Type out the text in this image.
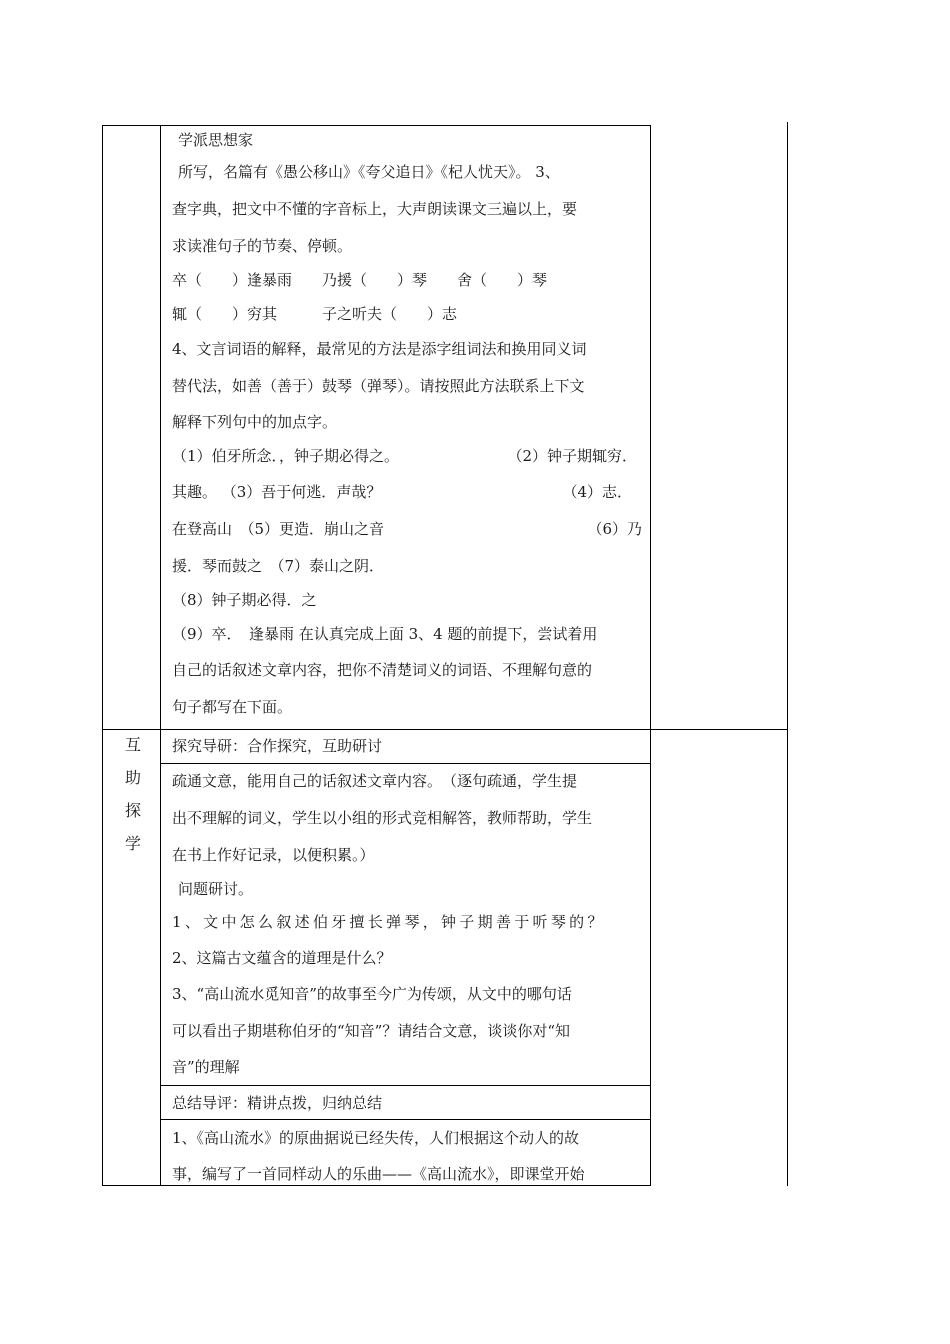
学派思想家
所写，名篇有《愚公移山》《夸父追日》《杞人忧天》。 3、
查字典，把文中不懂的字音标上，大声朗读课文三遍以上，要
求读准句子的节奏、停顿。
卒（　　）逢暴雨　　乃援（　　）琴　　舍（　　）琴
辄（　　）穷其　　　子之听夫（　　）志
4、文言词语的解释，最常见的方法是添字组词法和换用同义词
替代法，如善（善于）鼓琴（弹琴）。请按照此方法联系上下文
解释下列句中的加点字。
（1）伯牙所念．，钟子期必得之。	（2）钟子期辄穷．
其趣。 （3）吾于何逃．声哉？	（4）志．
在登高山　（5）更造．崩山之音	（6）乃
援．琴而鼓之　（7）泰山之阴．
（8）钟子期必得．之
（9）卒．　逢暴雨 在认真完成上面 3、4 题的前提下，尝试着用
自己的话叙述文章内容，把你不清楚词义的词语、不理解句意的
句子都写在下面。
互
助
探
学
探究导研：合作探究，互助研讨
疏通文意，能用自己的话叙述文章内容。　（逐句疏通，学生提
出不理解的词义，学生以小组的形式竞相解答，教师帮助，学生
在书上作好记录，以便积累。）
问题研讨。
1、文中怎么叙述伯牙擅长弹琴，钟子期善于听琴的？
2、这篇古文蕴含的道理是什么？
3、“高山流水觅知音”的故事至今广为传颂，从文中的哪句话
可以看出子期堪称伯牙的“知音”？请结合文意，谈谈你对“知
音”的理解
总结导评：精讲点拨，归纳总结
1、《高山流水》的原曲据说已经失传，人们根据这个动人的故
事，编写了一首同样动人的乐曲——《高山流水》，即课堂开始
